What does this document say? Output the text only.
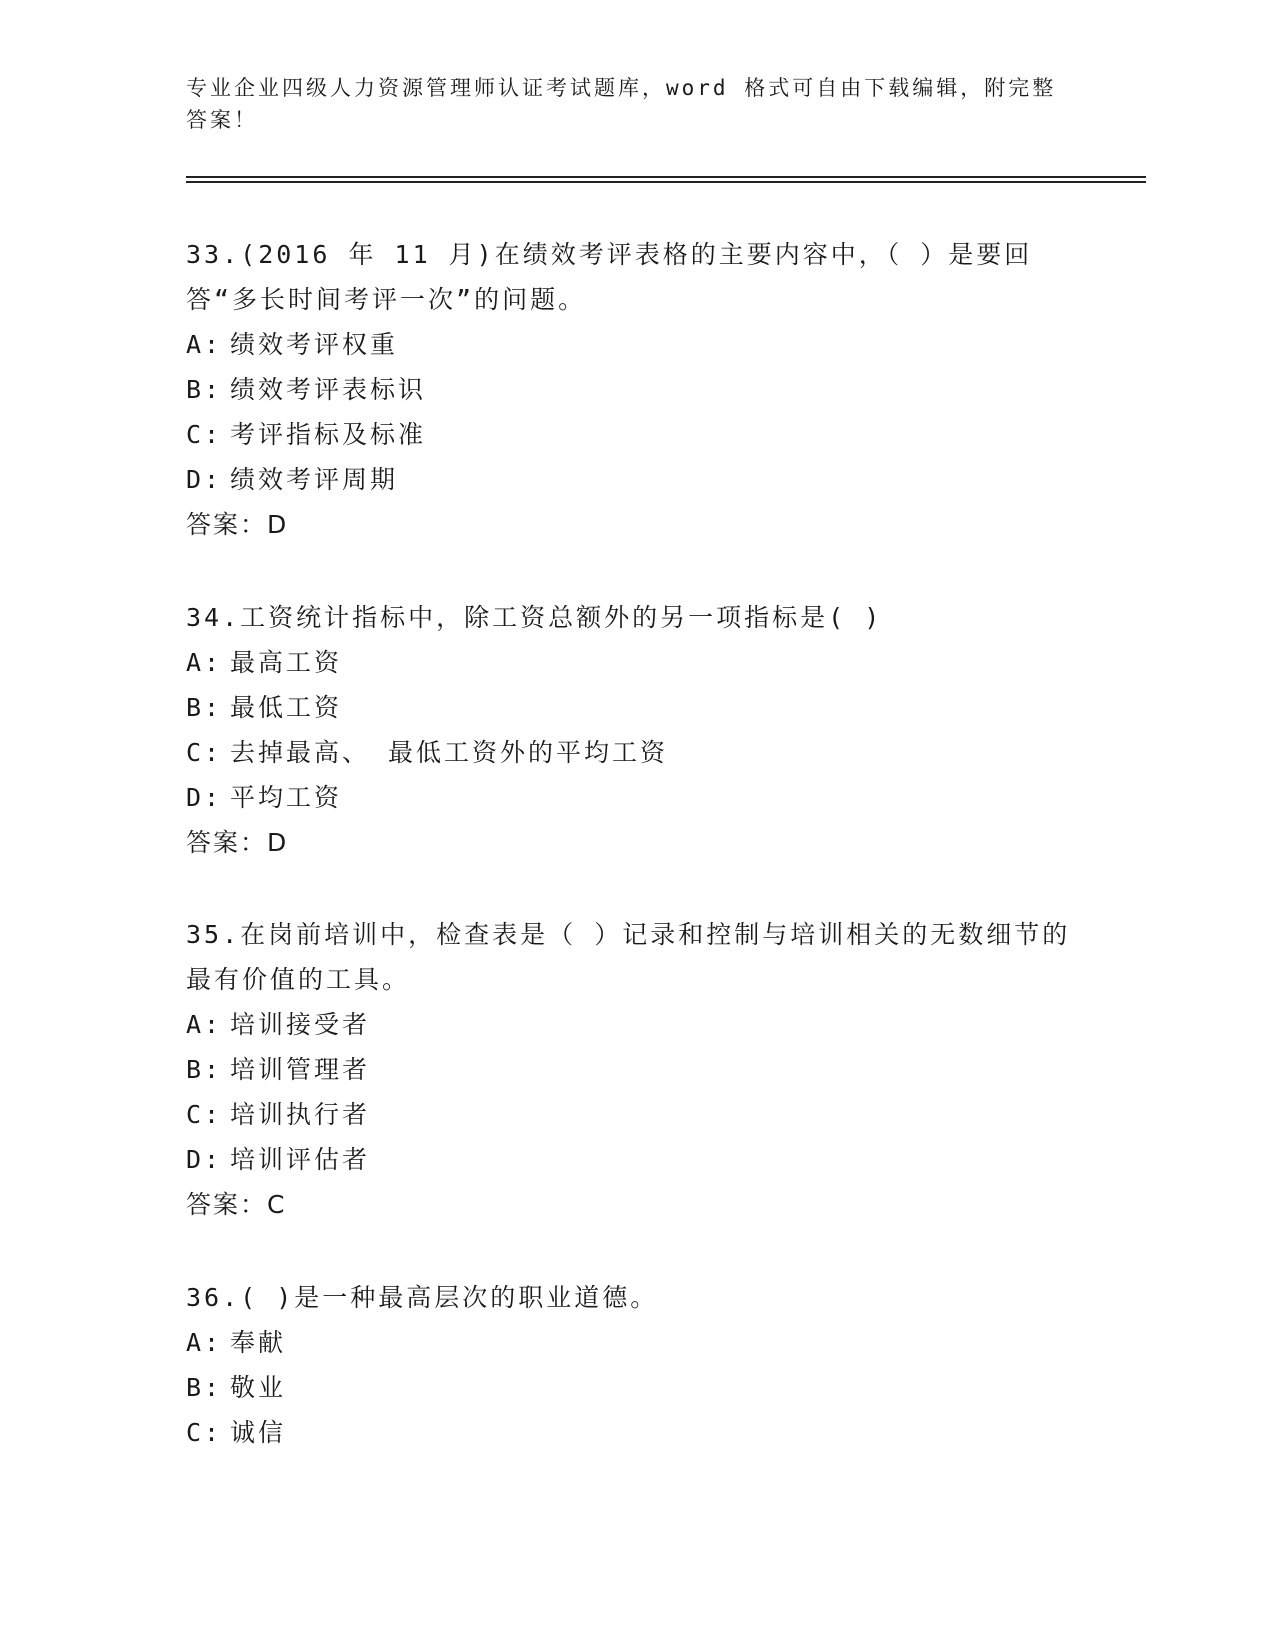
专业企业四级人力资源管理师认证考试题库，word 格式可自由下载编辑，附完整答案！

33.(2016 年 11 月)在绩效考评表格的主要内容中，（ ）是要回答“多长时间考评一次”的问题。

A: 绩效考评权重

B: 绩效考评表标识

C: 考评指标及标准

D: 绩效考评周期

答案：D

34.工资统计指标中，除工资总额外的另一项指标是( )

A: 最高工资

B: 最低工资

C: 去掉最高、 最低工资外的平均工资

D: 平均工资

答案：D

35.在岗前培训中，检查表是（ ）记录和控制与培训相关的无数细节的最有价值的工具。

A: 培训接受者

B: 培训管理者

C: 培训执行者

D: 培训评估者

答案：C

36.( )是一种最高层次的职业道德。

A: 奉献

B: 敬业

C: 诚信
